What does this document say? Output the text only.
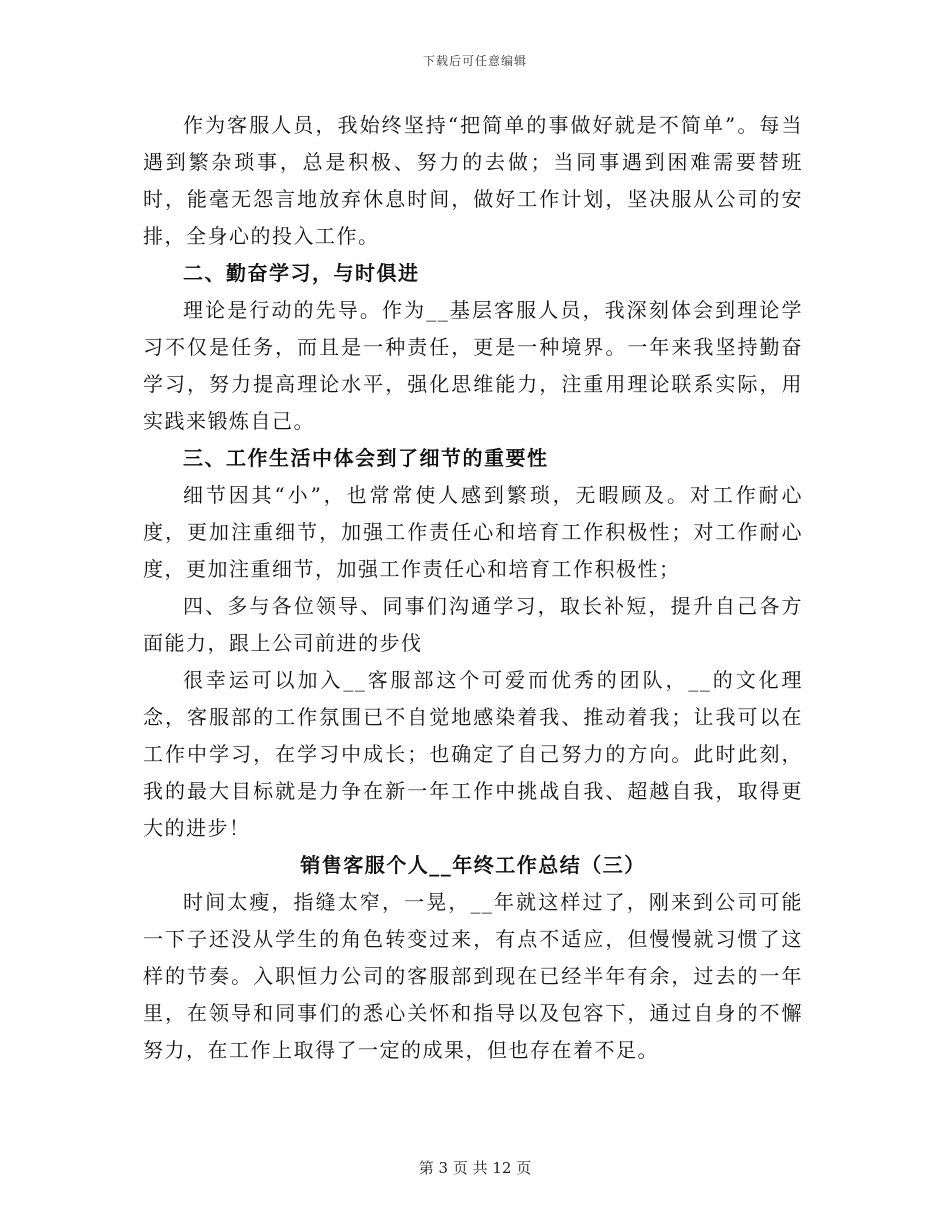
下载后可任意编辑

作为客服人员，我始终坚持“把简单的事做好就是不简单”。每当遇到繁杂琐事，总是积极、努力的去做；当同事遇到困难需要替班时，能毫无怨言地放弃休息时间，做好工作计划，坚决服从公司的安排，全身心的投入工作。

二、勤奋学习，与时俱进

理论是行动的先导。作为__基层客服人员，我深刻体会到理论学习不仅是任务，而且是一种责任，更是一种境界。一年来我坚持勤奋学习，努力提高理论水平，强化思维能力，注重用理论联系实际，用实践来锻炼自己。

三、工作生活中体会到了细节的重要性

细节因其“小”，也常常使人感到繁琐，无暇顾及。对工作耐心度，更加注重细节，加强工作责任心和培育工作积极性；对工作耐心度，更加注重细节，加强工作责任心和培育工作积极性；

四、多与各位领导、同事们沟通学习，取长补短，提升自己各方面能力，跟上公司前进的步伐

很幸运可以加入__客服部这个可爱而优秀的团队，__的文化理念，客服部的工作氛围已不自觉地感染着我、推动着我；让我可以在工作中学习，在学习中成长；也确定了自己努力的方向。此时此刻，我的最大目标就是力争在新一年工作中挑战自我、超越自我，取得更大的进步！

销售客服个人__年终工作总结（三）

时间太瘦，指缝太窄，一晃，__年就这样过了，刚来到公司可能一下子还没从学生的角色转变过来，有点不适应，但慢慢就习惯了这样的节奏。入职恒力公司的客服部到现在已经半年有余，过去的一年里，在领导和同事们的悉心关怀和指导以及包容下，通过自身的不懈努力，在工作上取得了一定的成果，但也存在着不足。

第 3 页 共 12 页
